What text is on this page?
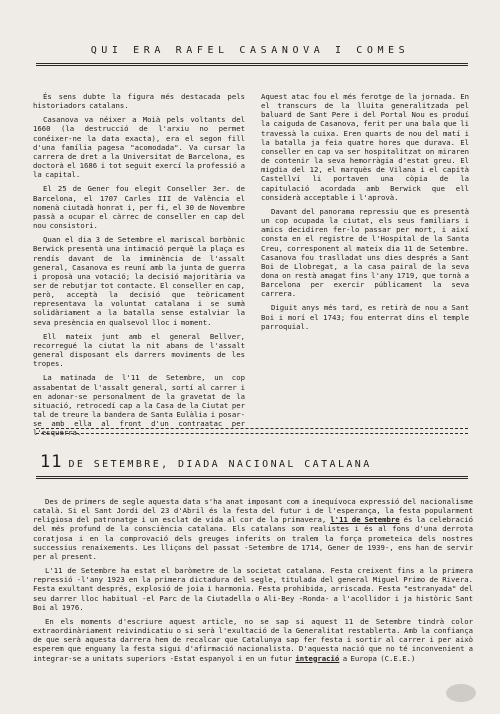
QUI ERA RAFEL CASANOVA I COMES

És sens dubte la figura més destacada pels historiadors catalans.

Casanova va néixer a Moià pels voltants del 1660 (la destrucció de l'arxiu no permet conéixer-ne la data exacta), era el segon fill d'una família pagesa "acomodada". Va cursar la carrera de dret a la Universitat de Barcelona, es doctorà el 1686 i tot seguit exercí la professió a la capital.

El 25 de Gener fou elegit Conseller 3er. de Barcelona, el 1707 Carles III de València el nomenà ciutadà honrat i, per fi, el 30 de Novembre passà a ocupar el càrrec de conseller en cap del nou consistori.

Quan el dia 3 de Setembre el mariscal borbònic Berwick presentà una intimació perquè la plaça es rendís davant de la imminència de l'assalt general, Casanova es reuní amb la junta de guerra i proposà una votació; la decisió majoritària va ser de rebutjar tot contacte. El conseller en cap, però, acceptà la decisió que teòricament representava la voluntat catalana i se sumà solidàriament a la batalla sense estalviar la seva presència en qualsevol lloc i moment.

Ell mateix junt amb el general Bellver, recorregué la ciutat la nit abans de l'assalt general disposant els darrers moviments de les tropes.

La matinada de l'11 de Setembre, un cop assabentat de l'assalt general, sortí al carrer i en adonar-se personalment de la gravetat de la situació, retrocedí cap a la Casa de la Ciutat per tal de treure la bandera de Santa Eulàlia i posar-se amb ella al front d'un contraatac per l'esquerra.

Aquest atac fou el més ferotge de la jornada. En el transcurs de la lluita generalitzada pel baluard de Sant Pere i del Portal Nou es produí la caiguda de Casanova, ferit per una bala que li travessà la cuixa. Eren quarts de nou del matí i la batalla ja feia quatre hores que durava. El conseller en cap va ser hospitalitzat on miraren de contenir la seva hemorràgia d'estat greu. El migdia del 12, el marquès de Vilana i el capità Castellví li portaven una còpia de la capitulació acordada amb Berwick que ell considerà acceptable i l'aprovà.

Davant del panorama repressiu que es presentà un cop ocupada la ciutat, els seus familiars i amics decidiren fer-lo passar per mort, i així consta en el registre de l'Hospital de la Santa Creu, corresponent al mateix dia 11 de Setembre. Casanova fou traslladat uns dies després a Sant Boi de Llobregat, a la casa pairal de la seva dona on restà amagat fins l'any 1719, que tornà a Barcelona per exercir públicament la seva carrera.

Diguit anys més tard, es retirà de nou a Sant Boi i morí el 1743; fou enterrat dins el temple parroquial.

11 DE SETEMBRE, DIADA NACIONAL CATALANA

Des de primers de segle aquesta data s'ha anat imposant com a inequívoca expressió del nacionalisme català. Si el Sant Jordi del 23 d'Abril és la festa del futur i de l'esperança, la festa popularment religiosa del patronatge i un esclat de vida al cor de la primavera, l'11 de Setembre és la celebració del més profund de la consciència catalana. Els catalans som realistes i és al fons d'una derrota coratjosa i en la comprovació dels greuges inferits on tralem la força prometeica dels nostres successius renaixements. Les lliçons del passat -Setembre de 1714, Gener de 1939-, ens han de servir per al present.

L'11 de Setembre ha estat el baròmetre de la societat catalana. Festa creixent fins a la primera repressió -l'any 1923 en la primera dictadura del segle, titulada del general Miguel Primo de Rivera. Festa exultant després, explosió de joia i harmonia. Festa prohibida, arriscada. Festa "estranyada" del seu darrer lloc habitual -el Parc de la Ciutadella o Ali-Bey -Ronda- a l'acollidor i ja històric Sant Boi al 1976.

En els moments d'escriure aquest article, no se sap si aquest 11 de Setembre tindrà color extraordinàriament reivindicatiu o si serà l'exultació de la Generalitat restablerta. Amb la confiança de que serà aquesta darrera hem de recalcar que Catalunya sap fer festa i sortir al carrer i per això esperem que enguany la festa sigui d'afirmació nacionalista. D'aquesta nació que no té inconvenient a integrar-se a unitats superiors -Estat espanyol i en un futur integració a Europa (C.E.E.)
